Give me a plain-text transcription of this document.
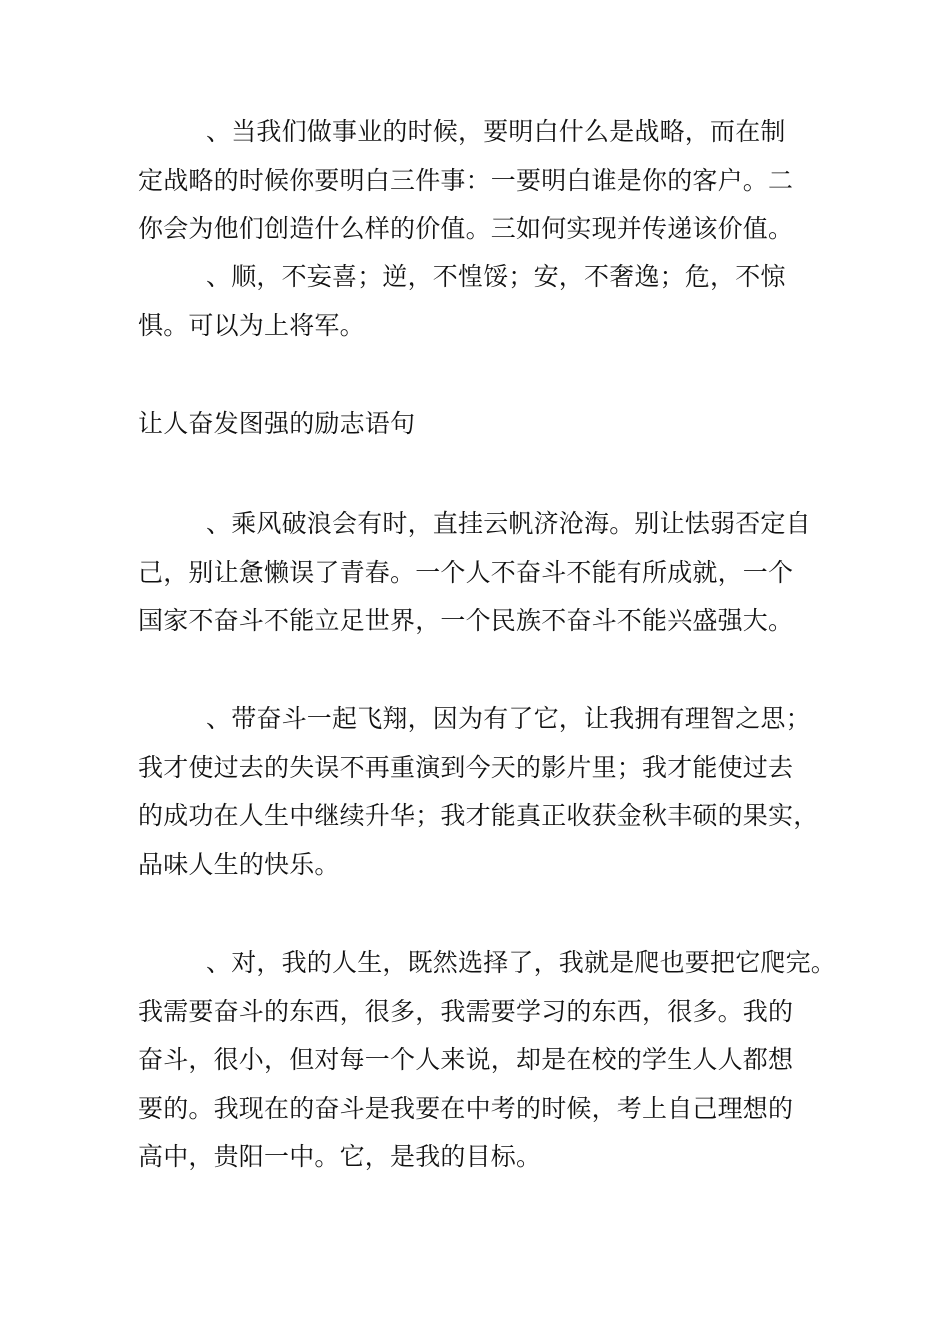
、当我们做事业的时候，要明白什么是战略，而在制
定战略的时候你要明白三件事：一要明白谁是你的客户。二
你会为他们创造什么样的价值。三如何实现并传递该价值。
、顺，不妄喜；逆，不惶馁；安，不奢逸；危，不惊
惧。可以为上将军。
让人奋发图强的励志语句
、乘风破浪会有时，直挂云帆济沧海。别让怯弱否定自
己，别让惫懒误了青春。一个人不奋斗不能有所成就，一个
国家不奋斗不能立足世界，一个民族不奋斗不能兴盛强大。
、带奋斗一起飞翔，因为有了它，让我拥有理智之思；
我才使过去的失误不再重演到今天的影片里；我才能使过去
的成功在人生中继续升华；我才能真正收获金秋丰硕的果实，
品味人生的快乐。
、对，我的人生，既然选择了，我就是爬也要把它爬完。
我需要奋斗的东西，很多，我需要学习的东西，很多。我的
奋斗，很小，但对每一个人来说，却是在校的学生人人都想
要的。我现在的奋斗是我要在中考的时候，考上自己理想的
高中，贵阳一中。它，是我的目标。
